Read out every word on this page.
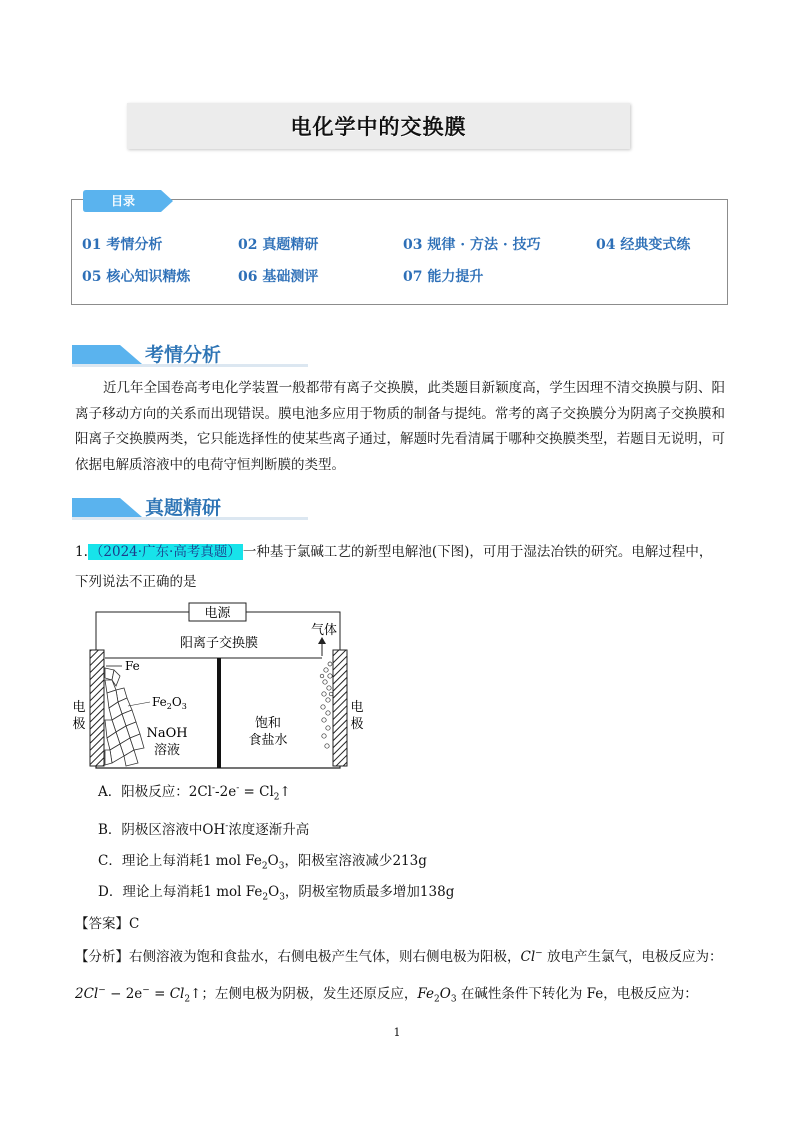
电化学中的交换膜
目录
01 考情分析	02 真题精研	03 规律 · 方法 · 技巧	04 经典变式练
05 核心知识精炼	06 基础测评	07 能力提升
考情分析
近几年全国卷高考电化学装置一般都带有离子交换膜，此类题目新颖度高，学生因理不清交换膜与阴、阳离子移动方向的关系而出现错误。膜电池多应用于物质的制备与提纯。常考的离子交换膜分为阴离子交换膜和阳离子交换膜两类，它只能选择性的使某些离子通过，解题时先看清属于哪种交换膜类型，若题目无说明，可依据电解质溶液中的电荷守恒判断膜的类型。
真题精研
1. （2024·广东·高考真题） 一种基于氯碱工艺的新型电解池(下图)，可用于湿法冶铁的研究。电解过程中，
下列说法不正确的是
电源
阳离子交换膜
气体
Fe
$Fe_2O_3$
NaOH
溶液
饱和
食盐水
电
极
电
极
A．阳极反应：$2Cl^--2e^- = Cl_2↑$
B．阴极区溶液中OH-浓度逐渐升高
C．理论上每消耗1 mol $Fe_2O_3$，阳极室溶液减少213g
D．理论上每消耗1 mol $Fe_2O_3$，阴极室物质最多增加138g
【答案】C
【分析】右侧溶液为饱和食盐水，右侧电极产生气体，则右侧电极为阳极，Cl− 放电产生氯气，电极反应为：
$2Cl^- - 2e^- = Cl_2↑$；左侧电极为阴极，发生还原反应，$Fe_2O_3$ 在碱性条件下转化为 Fe，电极反应为：
1
